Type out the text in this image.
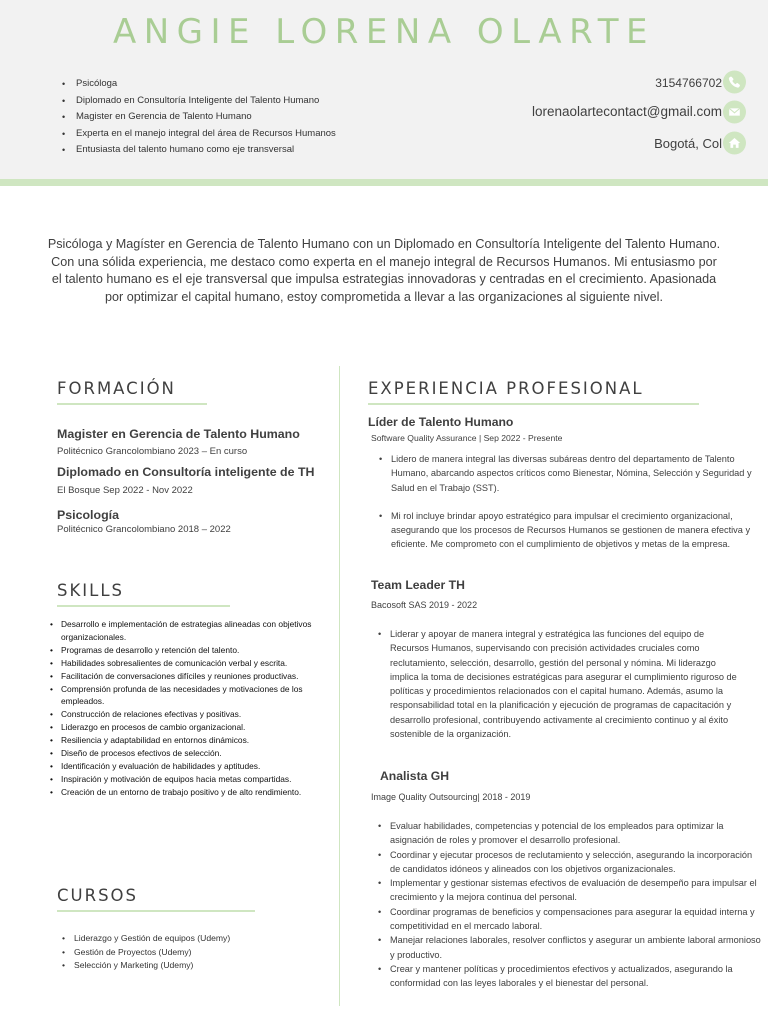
ANGIE LORENA OLARTE
• Psicóloga
• Diplomado en Consultoría Inteligente del Talento Humano
• Magister en Gerencia de Talento Humano
• Experta en el manejo integral del área de Recursos Humanos
• Entusiasta del talento humano como eje transversal
3154766702
lorenaolartecontact@gmail.com
Bogotá, Col

Psicóloga y Magíster en Gerencia de Talento Humano con un Diplomado en Consultoría Inteligente del Talento Humano. Con una sólida experiencia, me destaco como experta en el manejo integral de Recursos Humanos. Mi entusiasmo por el talento humano es el eje transversal que impulsa estrategias innovadoras y centradas en el crecimiento. Apasionada por optimizar el capital humano, estoy comprometida a llevar a las organizaciones al siguiente nivel.

FORMACIÓN
Magister en Gerencia de Talento Humano
Politécnico Grancolombiano 2023 – En curso
Diplomado en Consultoría inteligente de TH
El Bosque Sep 2022 - Nov 2022
Psicología
Politécnico Grancolombiano 2018 – 2022
SKILLS
• Desarrollo e implementación de estrategias alineadas con objetivos organizacionales.
• Programas de desarrollo y retención del talento.
• Habilidades sobresalientes de comunicación verbal y escrita.
• Facilitación de conversaciones difíciles y reuniones productivas.
• Comprensión profunda de las necesidades y motivaciones de los empleados.
• Construcción de relaciones efectivas y positivas.
• Liderazgo en procesos de cambio organizacional.
• Resiliencia y adaptabilidad en entornos dinámicos.
• Diseño de procesos efectivos de selección.
• Identificación y evaluación de habilidades y aptitudes.
• Inspiración y motivación de equipos hacia metas compartidas.
• Creación de un entorno de trabajo positivo y de alto rendimiento.
CURSOS
• Liderazgo y Gestión de equipos (Udemy)
• Gestión de Proyectos (Udemy)
• Selección y Marketing (Udemy)
EXPERIENCIA PROFESIONAL
Líder de Talento Humano
Software Quality Assurance | Sep 2022 - Presente
• Lidero de manera integral las diversas subáreas dentro del departamento de Talento Humano, abarcando aspectos críticos como Bienestar, Nómina, Selección y Seguridad y Salud en el Trabajo (SST).
• Mi rol incluye brindar apoyo estratégico para impulsar el crecimiento organizacional, asegurando que los procesos de Recursos Humanos se gestionen de manera efectiva y eficiente. Me comprometo con el cumplimiento de objetivos y metas de la empresa.
Team Leader TH
Bacosoft SAS 2019 - 2022
• Liderar y apoyar de manera integral y estratégica las funciones del equipo de Recursos Humanos, supervisando con precisión actividades cruciales como reclutamiento, selección, desarrollo, gestión del personal y nómina. Mi liderazgo implica la toma de decisiones estratégicas para asegurar el cumplimiento riguroso de políticas y procedimientos relacionados con el capital humano. Además, asumo la responsabilidad total en la planificación y ejecución de programas de capacitación y desarrollo profesional, contribuyendo activamente al crecimiento continuo y al éxito sostenible de la organización.
Analista GH
Image Quality Outsourcing| 2018 - 2019
• Evaluar habilidades, competencias y potencial de los empleados para optimizar la asignación de roles y promover el desarrollo profesional.
• Coordinar y ejecutar procesos de reclutamiento y selección, asegurando la incorporación de candidatos idóneos y alineados con los objetivos organizacionales.
• Implementar y gestionar sistemas efectivos de evaluación de desempeño para impulsar el crecimiento y la mejora continua del personal.
• Coordinar programas de beneficios y compensaciones para asegurar la equidad interna y competitividad en el mercado laboral.
• Manejar relaciones laborales, resolver conflictos y asegurar un ambiente laboral armonioso y productivo.
• Crear y mantener políticas y procedimientos efectivos y actualizados, asegurando la conformidad con las leyes laborales y el bienestar del personal.
